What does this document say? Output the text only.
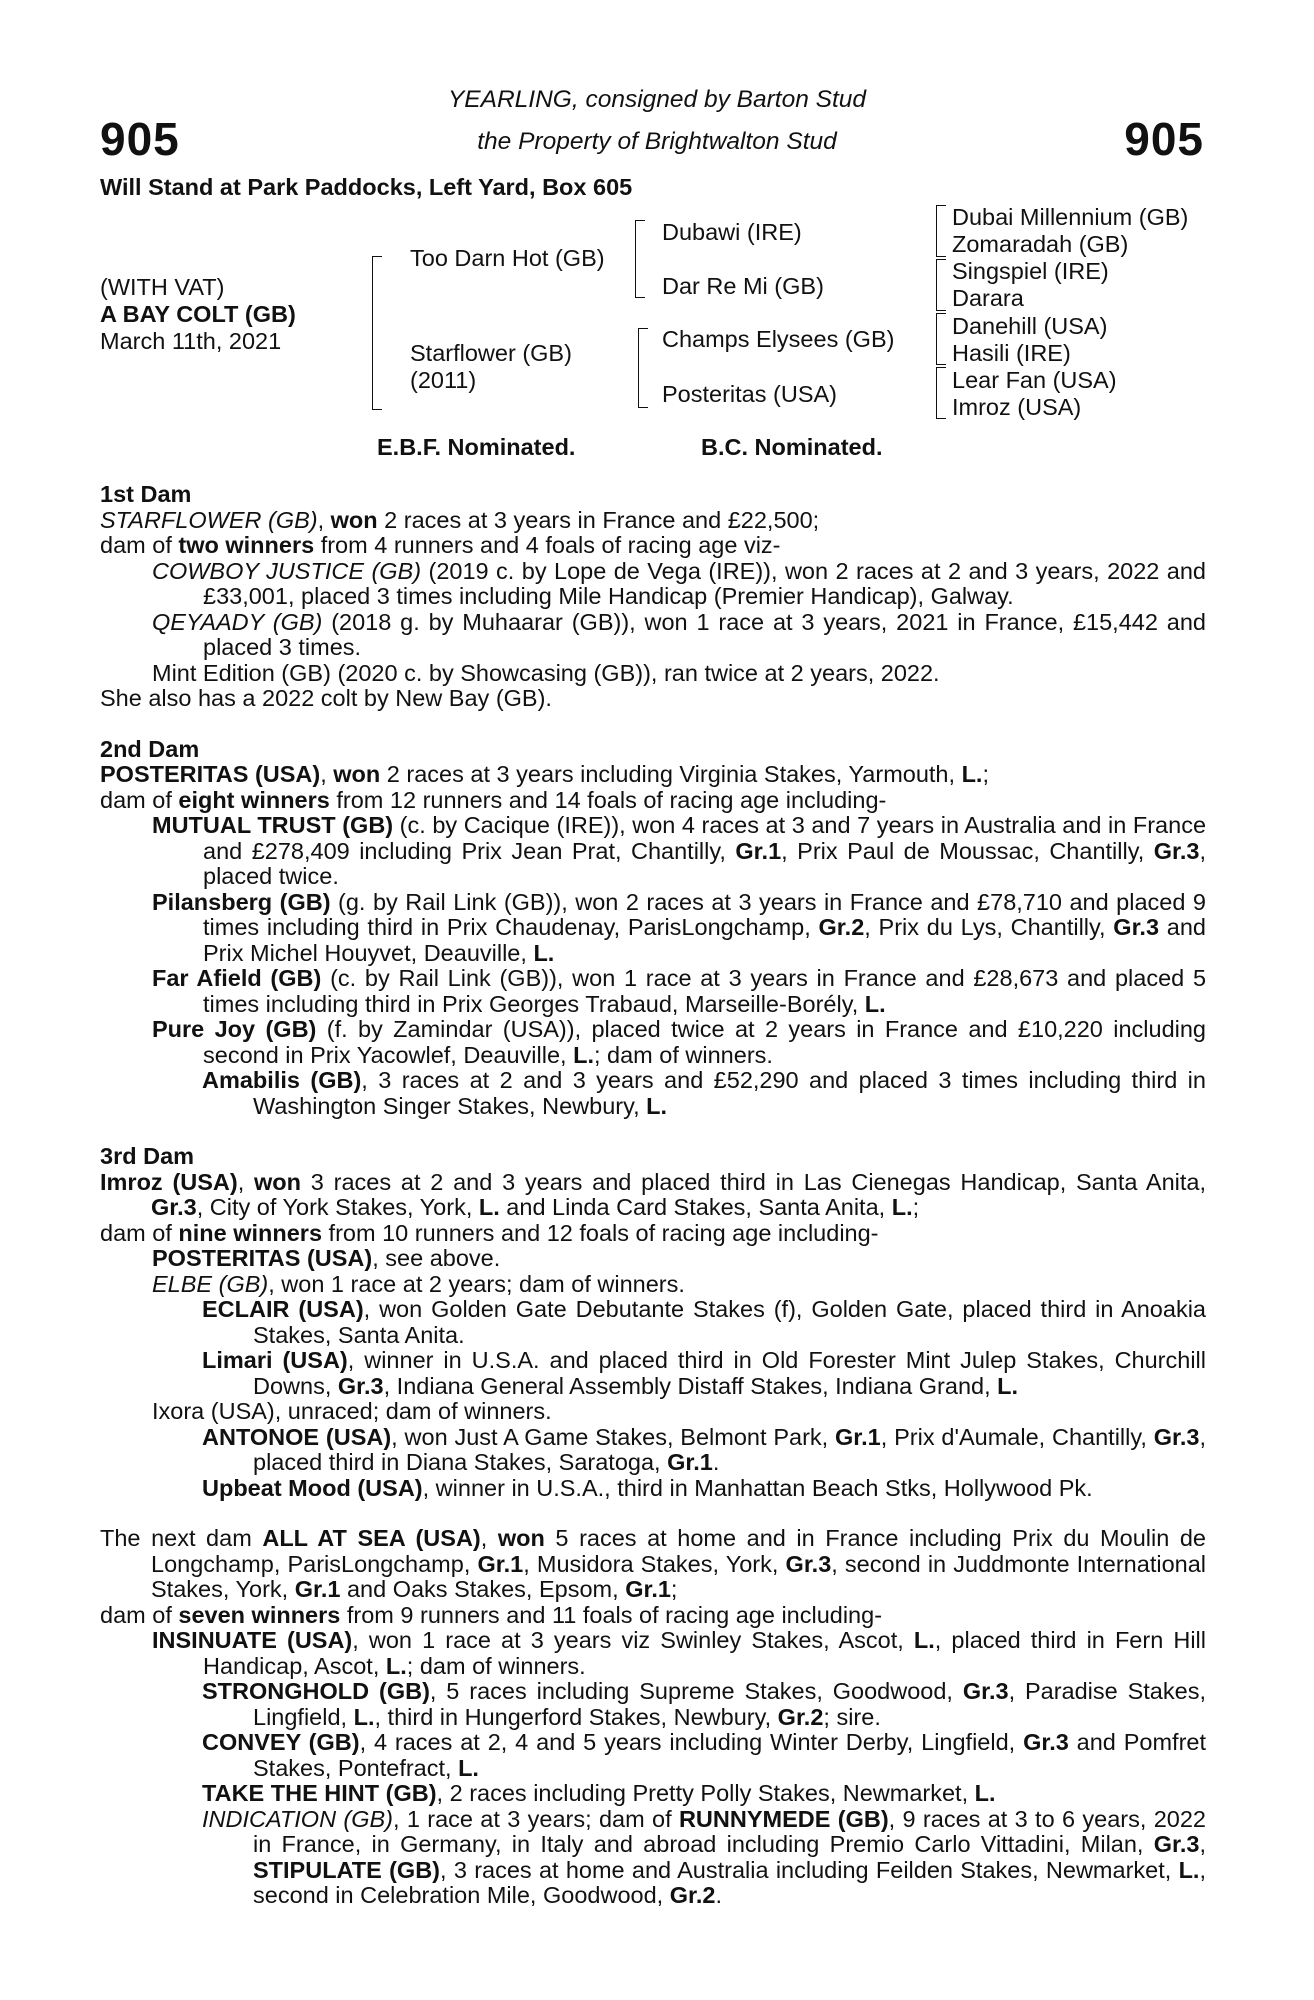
905	905
YEARLING, consigned by Barton Stud
the Property of Brightwalton Stud
Will Stand at Park Paddocks, Left Yard, Box 605
(WITH VAT)
A BAY COLT (GB)
March 11th, 2021
Too Darn Hot (GB)
Starflower (GB)
(2011)
Dubawi (IRE)
Dar Re Mi (GB)
Champs Elysees (GB)
Posteritas (USA)
Dubai Millennium (GB)
Zomaradah (GB)
Singspiel (IRE)
Darara
Danehill (USA)
Hasili (IRE)
Lear Fan (USA)
Imroz (USA)
E.B.F. Nominated.	B.C. Nominated.

1st Dam

STARFLOWER (GB), won 2 races at 3 years in France and £22,500;

dam of two winners from 4 runners and 4 foals of racing age viz-

COWBOY JUSTICE (GB) (2019 c. by Lope de Vega (IRE)), won 2 races at 2 and 3 years, 2022 and £33,001, placed 3 times including Mile Handicap (Premier Handicap), Galway.

QEYAADY (GB) (2018 g. by Muhaarar (GB)), won 1 race at 3 years, 2021 in France, £15,442 and placed 3 times.

Mint Edition (GB) (2020 c. by Showcasing (GB)), ran twice at 2 years, 2022.

She also has a 2022 colt by New Bay (GB).

2nd Dam

POSTERITAS (USA), won 2 races at 3 years including Virginia Stakes, Yarmouth, L.;

dam of eight winners from 12 runners and 14 foals of racing age including-

MUTUAL TRUST (GB) (c. by Cacique (IRE)), won 4 races at 3 and 7 years in Australia and in France and £278,409 including Prix Jean Prat, Chantilly, Gr.1, Prix Paul de Moussac, Chantilly, Gr.3, placed twice.

Pilansberg (GB) (g. by Rail Link (GB)), won 2 races at 3 years in France and £78,710 and placed 9 times including third in Prix Chaudenay, ParisLongchamp, Gr.2, Prix du Lys, Chantilly, Gr.3 and Prix Michel Houyvet, Deauville, L.

Far Afield (GB) (c. by Rail Link (GB)), won 1 race at 3 years in France and £28,673 and placed 5 times including third in Prix Georges Trabaud, Marseille-Borély, L.

Pure Joy (GB) (f. by Zamindar (USA)), placed twice at 2 years in France and £10,220 including second in Prix Yacowlef, Deauville, L.; dam of winners.

Amabilis (GB), 3 races at 2 and 3 years and £52,290 and placed 3 times including third in Washington Singer Stakes, Newbury, L.

3rd Dam

Imroz (USA), won 3 races at 2 and 3 years and placed third in Las Cienegas Handicap, Santa Anita, Gr.3, City of York Stakes, York, L. and Linda Card Stakes, Santa Anita, L.;

dam of nine winners from 10 runners and 12 foals of racing age including-

POSTERITAS (USA), see above.

ELBE (GB), won 1 race at 2 years; dam of winners.

ECLAIR (USA), won Golden Gate Debutante Stakes (f), Golden Gate, placed third in Anoakia Stakes, Santa Anita.

Limari (USA), winner in U.S.A. and placed third in Old Forester Mint Julep Stakes, Churchill Downs, Gr.3, Indiana General Assembly Distaff Stakes, Indiana Grand, L.

Ixora (USA), unraced; dam of winners.

ANTONOE (USA), won Just A Game Stakes, Belmont Park, Gr.1, Prix d'Aumale, Chantilly, Gr.3, placed third in Diana Stakes, Saratoga, Gr.1.

Upbeat Mood (USA), winner in U.S.A., third in Manhattan Beach Stks, Hollywood Pk.

The next dam ALL AT SEA (USA), won 5 races at home and in France including Prix du Moulin de Longchamp, ParisLongchamp, Gr.1, Musidora Stakes, York, Gr.3, second in Juddmonte International Stakes, York, Gr.1 and Oaks Stakes, Epsom, Gr.1;

dam of seven winners from 9 runners and 11 foals of racing age including-

INSINUATE (USA), won 1 race at 3 years viz Swinley Stakes, Ascot, L., placed third in Fern Hill Handicap, Ascot, L.; dam of winners.

STRONGHOLD (GB), 5 races including Supreme Stakes, Goodwood, Gr.3, Paradise Stakes, Lingfield, L., third in Hungerford Stakes, Newbury, Gr.2; sire.

CONVEY (GB), 4 races at 2, 4 and 5 years including Winter Derby, Lingfield, Gr.3 and Pomfret Stakes, Pontefract, L.

TAKE THE HINT (GB), 2 races including Pretty Polly Stakes, Newmarket, L.

INDICATION (GB), 1 race at 3 years; dam of RUNNYMEDE (GB), 9 races at 3 to 6 years, 2022 in France, in Germany, in Italy and abroad including Premio Carlo Vittadini, Milan, Gr.3, STIPULATE (GB), 3 races at home and Australia including Feilden Stakes, Newmarket, L., second in Celebration Mile, Goodwood, Gr.2.
